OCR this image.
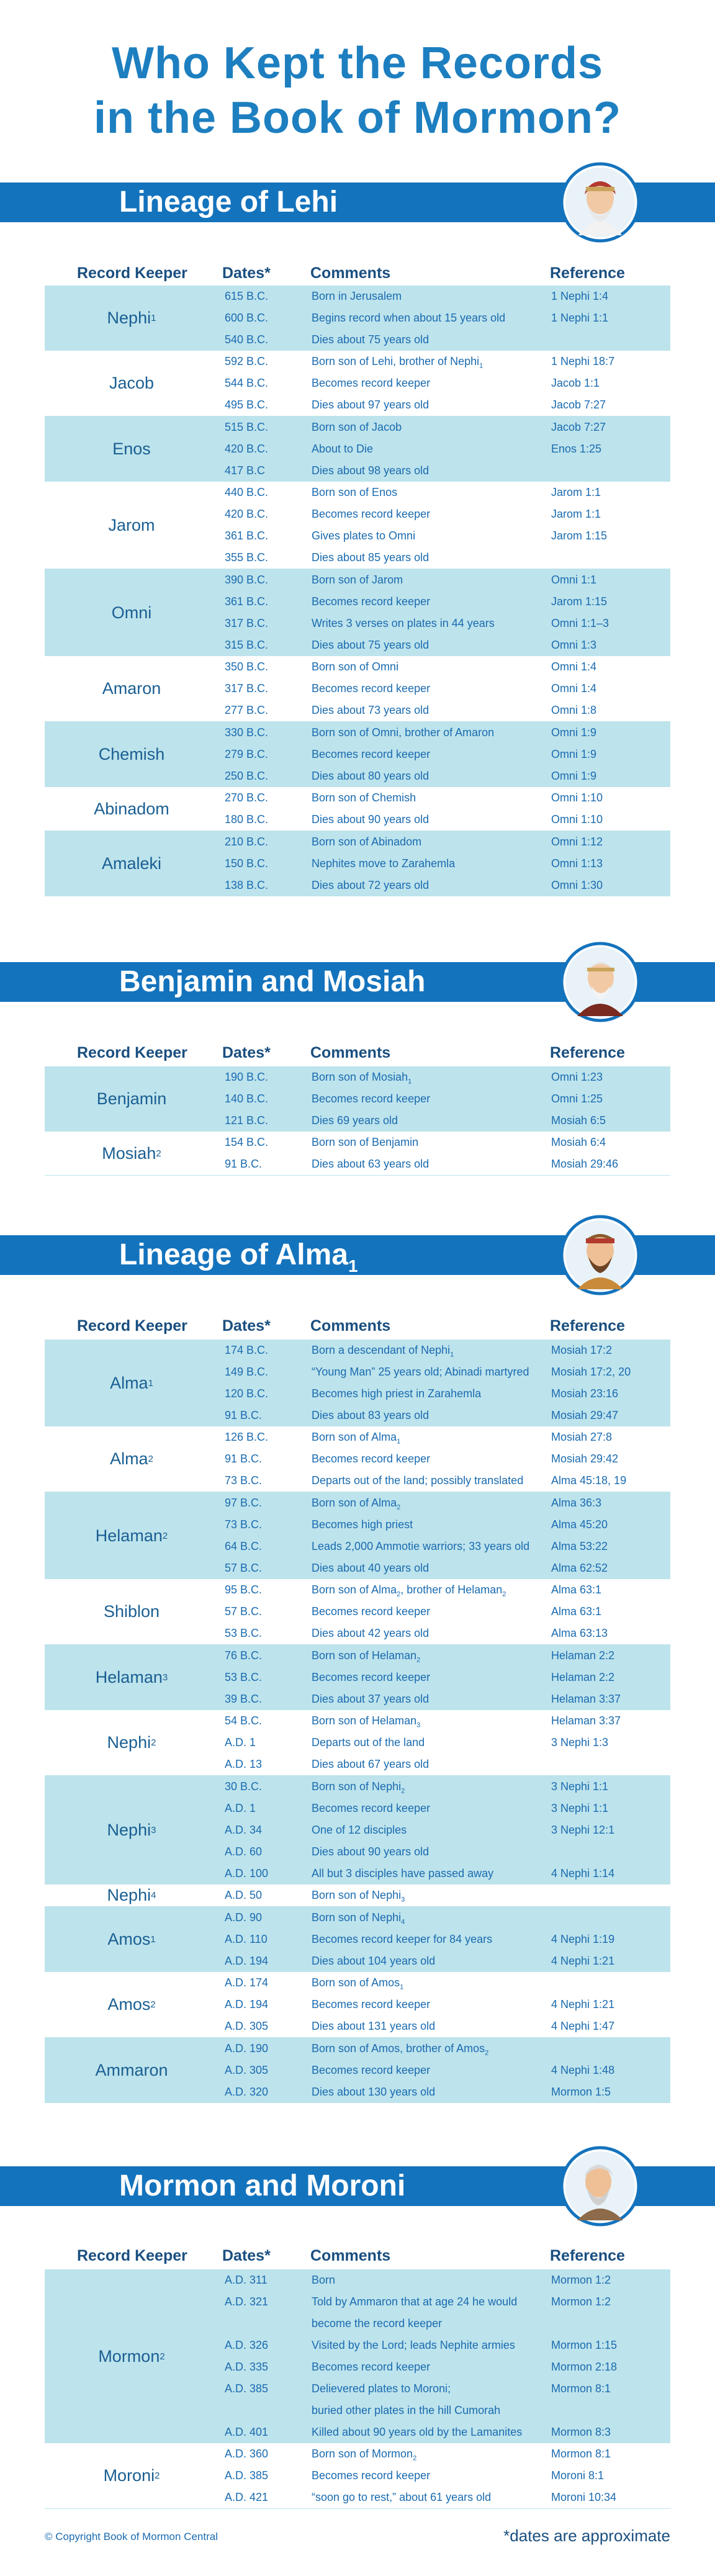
Who Kept the Records
in the Book of Mormon?
Lineage of Lehi
Record Keeper Dates*	Comments	Reference
Nephi 1
615 B.C.	Born in Jerusalem	1 Nephi 1:4
600 B.C.	Begins record when about 15 years old	1 Nephi 1:1
540 B.C.	Dies about 75 years old
Jacob
592 B.C.	Born son of Lehi, brother of Nephi$_1$	1 Nephi 18:7
544 B.C.	Becomes record keeper	Jacob 1:1
495 B.C.	Dies about 97 years old	Jacob 7:27
Enos
515 B.C.	Born son of Jacob	Jacob 7:27
420 B.C.	About to Die	Enos 1:25
417 B.C	Dies about 98 years old
Jarom
440 B.C.	Born son of Enos	Jarom 1:1
420 B.C.	Becomes record keeper	Jarom 1:1
361 B.C.	Gives plates to Omni	Jarom 1:15
355 B.C.	Dies about 85 years old
Omni
390 B.C.	Born son of Jarom	Omni 1:1
361 B.C.	Becomes record keeper	Jarom 1:15
317 B.C.	Writes 3 verses on plates in 44 years	Omni 1:1–3
315 B.C.	Dies about 75 years old	Omni 1:3
Amaron
350 B.C.	Born son of Omni	Omni 1:4
317 B.C.	Becomes record keeper	Omni 1:4
277 B.C.	Dies about 73 years old	Omni 1:8
Chemish
330 B.C.	Born son of Omni, brother of Amaron	Omni 1:9
279 B.C.	Becomes record keeper	Omni 1:9
250 B.C.	Dies about 80 years old	Omni 1:9
Abinadom
270 B.C.	Born son of Chemish	Omni 1:10
180 B.C.	Dies about 90 years old	Omni 1:10
Amaleki
210 B.C.	Born son of Abinadom	Omni 1:12
150 B.C.	Nephites move to Zarahemla	Omni 1:13
138 B.C.	Dies about 72 years old	Omni 1:30
Benjamin and Mosiah
Record Keeper Dates*	Comments	Reference
Benjamin
190 B.C.	Born son of Mosiah$_1$	Omni 1:23
140 B.C.	Becomes record keeper	Omni 1:25
121 B.C.	Dies 69 years old	Mosiah 6:5
Mosiah 2
154 B.C.	Born son of Benjamin	Mosiah 6:4
91 B.C.	Dies about 63 years old	Mosiah 29:46
Lineage of Alma$_1$
Record Keeper Dates*	Comments	Reference
Alma 1
174 B.C.	Born a descendant of Nephi$_1$	Mosiah 17:2
149 B.C.	“Young Man” 25 years old; Abinadi martyred	Mosiah 17:2, 20
120 B.C.	Becomes high priest in Zarahemla	Mosiah 23:16
91 B.C.	Dies about 83 years old	Mosiah 29:47
Alma 2
126 B.C.	Born son of Alma$_1$	Mosiah 27:8
91 B.C.	Becomes record keeper	Mosiah 29:42
73 B.C.	Departs out of the land; possibly translated	Alma 45:18, 19
Helaman 2
97 B.C.	Born son of Alma$_2$	Alma 36:3
73 B.C.	Becomes high priest	Alma 45:20
64 B.C.	Leads 2,000 Ammotie warriors; 33 years old	Alma 53:22
57 B.C.	Dies about 40 years old	Alma 62:52
Shiblon
95 B.C.	Born son of Alma$_2$, brother of Helaman$_2$	Alma 63:1
57 B.C.	Becomes record keeper	Alma 63:1
53 B.C.	Dies about 42 years old	Alma 63:13
Helaman 3
76 B.C.	Born son of Helaman$_2$	Helaman 2:2
53 B.C.	Becomes record keeper	Helaman 2:2
39 B.C.	Dies about 37 years old	Helaman 3:37
Nephi 2
54 B.C.	Born son of Helaman$_3$	Helaman 3:37
A.D. 1	Departs out of the land	3 Nephi 1:3
A.D. 13	Dies about 67 years old
Nephi 3
30 B.C.	Born son of Nephi$_2$	3 Nephi 1:1
A.D. 1	Becomes record keeper	3 Nephi 1:1
A.D. 34	One of 12 disciples	3 Nephi 12:1
A.D. 60	Dies about 90 years old
A.D. 100	All but 3 disciples have passed away	4 Nephi 1:14
Nephi 4	A.D. 50	Born son of Nephi$_3$
Amos 1
A.D. 90	Born son of Nephi$_4$
A.D. 110	Becomes record keeper for 84 years	4 Nephi 1:19
A.D. 194	Dies about 104 years old	4 Nephi 1:21
Amos 2
A.D. 174	Born son of Amos$_1$
A.D. 194	Becomes record keeper	4 Nephi 1:21
A.D. 305	Dies about 131 years old	4 Nephi 1:47
Ammaron
A.D. 190	Born son of Amos, brother of Amos$_2$
A.D. 305	Becomes record keeper	4 Nephi 1:48
A.D. 320	Dies about 130 years old	Mormon 1:5
Mormon and Moroni
Record Keeper Dates*	Comments	Reference
Mormon 2
A.D. 311	Born	Mormon 1:2
A.D. 321	Told by Ammaron that at age 24 he would	Mormon 1:2
become the record keeper
A.D. 326	Visited by the Lord; leads Nephite armies	Mormon 1:15
A.D. 335	Becomes record keeper	Mormon 2:18
A.D. 385	Delievered plates to Moroni;	Mormon 8:1
buried other plates in the hill Cumorah
A.D. 401	Killed about 90 years old by the Lamanites	Mormon 8:3
Moroni 2
A.D. 360	Born son of Mormon$_2$	Mormon 8:1
A.D. 385	Becomes record keeper	Moroni 8:1
A.D. 421	“soon go to rest,” about 61 years old	Moroni 10:34
© Copyright Book of Mormon Central	*dates are approximate
